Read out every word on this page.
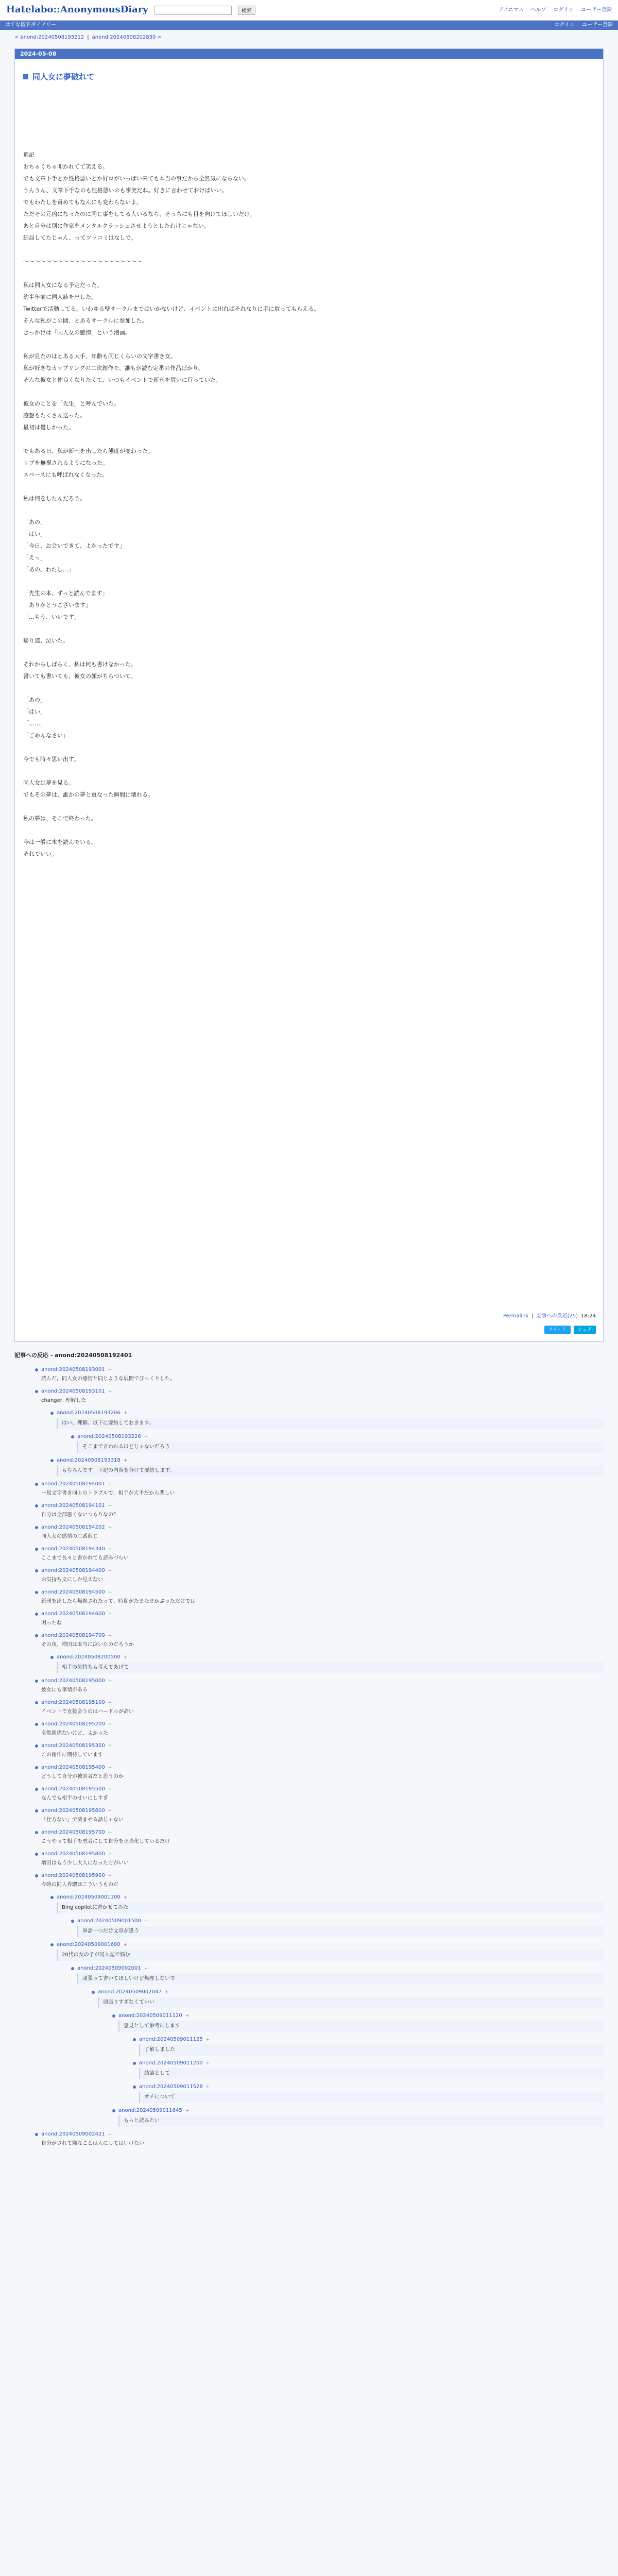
Hatelabo::AnonymousDiary	検索	アノニマス ヘルプ ログイン ユーザー登録
はてな匿名ダイアリー	ログイン ユーザー登録
< anond:20240508193212 | anond:20240508202830 >
2024-05-08
同人女に夢破れて

追記

おちゃくちゃ叩かれてて笑える。

でも文章下手とか性格悪いとか好ロがいっぱい来ても本当の事だから全然気にならない。

うんうん、文章下手なのも性格悪いのも事実だね。好きに言わせておけばいい。

でもわたしを責めてもなんにも変わらないよ。

ただその元凶になったのに同じ事をしてる人いるなら、そっちにも目を向けてほしいだけ。

あと自分は別に作家をメンタルクラッシュさせようとしたわけじゃない。

結局してたじゃん、ってツッコミはなしで。

～～～～～～～～～～～～～～～～～～～～～

私は同人女になる予定だった。

約半年前に同人誌を出した。

Twitterで活動してる。いわゆる壁サークルまではいかないけど、イベントに出ればそれなりに手に取ってもらえる。

そんな私がこの間、とあるサークルに参加した。

きっかけは「同人女の感情」という漫画。

私が見たのはとある大手、年齢も同じくらいの文字書き女。

私が好きなカップリングの二次創作で、誰もが読む定番の作品ばかり。

そんな彼女と仲良くなりたくて、いつもイベントで新刊を買いに行っていた。

彼女のことを「先生」と呼んでいた。

感想もたくさん送った。

最初は優しかった。

でもある日、私が新刊を出したら態度が変わった。

リプを無視されるようになった。

スペースにも呼ばれなくなった。

私は何をしたんだろう。

「あの」

「はい」

「今日、お会いできて、よかったです」

「えっ」

「あの、わたし…」

「先生の本、ずっと読んでます」

「ありがとうございます」

「…もう、いいです」

帰り道、泣いた。

それからしばらく、私は何も書けなかった。

書いても書いても、彼女の顔がちらついて。

「あの」

「はい」

「……」

「ごめんなさい」

今でも時々思い出す。

同人女は夢を見る。

でもその夢は、誰かの夢と重なった瞬間に壊れる。

私の夢は、そこで終わった。

今は一般に本を読んでいる。

それでいい。

Permalink | 記事への反応(25) 18:24
ツイート	シェア
記事への反応 - anond:20240508192401
anond:20240508193001 +
読んだ。同人女の感情と同じような展開でびっくりした。
anond:20240508193101 +
changer, 理解した
anond:20240508193206 +
はい、理解。以下に要約しておきます。
anond:20240508193226 +
そこまで言われるほどじゃないだろう
anond:20240508193318 +
もちろんです！下記の内容を分けて要約します。
anond:20240508194001 +
一般文字書き同士のトラブルで、相手が大手だから悲しい
anond:20240508194101 +
自分は全部悪くないつもりなの？
anond:20240508194202 +
同人女の感情の二番煎じ
anond:20240508194340 +
ここまで長々と書かれても読みづらい
anond:20240508194400 +
お気持ち文にしか見えない
anond:20240508194500 +
新刊を出したら無視されたって、時期がたまたまかぶっただけでは
anond:20240508194600 +
困ったね
anond:20240508194700 +
その夜、増田は本当に泣いたのだろうか
anond:20240508200500 +
相手の気持ちも考えてあげて
anond:20240508195000 +
彼女にも事情がある
anond:20240508195100 +
イベントで直接会うのはハードルが高い
anond:20240508195200 +
全然関係ないけど、よかった
anond:20240508195300 +
この創作に期待しています
anond:20240508195400 +
どうして自分が被害者だと思うのか
anond:20240508195500 +
なんでも相手のせいにしすぎ
anond:20240508195600 +
「仕方ない」で済ませる話じゃない
anond:20240508195700 +
こうやって相手を悪者にして自分を正当化しているだけ
anond:20240508195800 +
増田はもう少し大人になった方がいい
anond:20240508195900 +
今時の同人界隈はこういうものだ
anond:20240509001100 +
Bing copilotに書かせてみた
anond:20240509001500 +
単語一つだけ文章が違う
anond:20240509001600 +
20代の女の子が同人誌で悩む
anond:20240509002001 +
頑張って書いてほしいけど無理しないで
anond:20240509002047 +
頑張りすぎなくていい
anond:20240509011120 +
意見として参考にします
anond:20240509011125 +
了解しました
anond:20240509011200 +
結論として
anond:20240509011528 +
オチについて
anond:20240509011645 +
もっと読みたい
anond:20240509002421 +
自分がされて嫌なことは人にしてはいけない
